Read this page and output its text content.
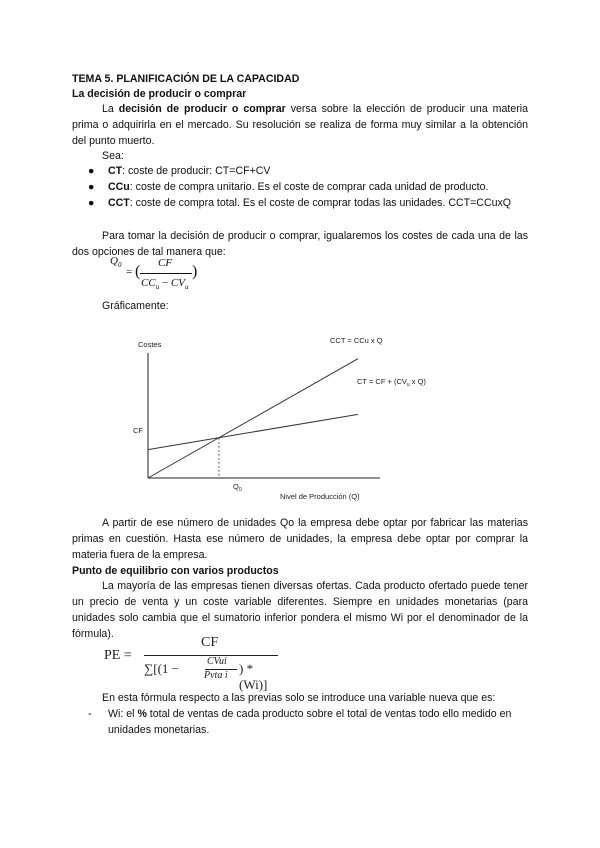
TEMA 5. PLANIFICACIÓN DE LA CAPACIDAD
La decisión de producir o comprar
La decisión de producir o comprar versa sobre la elección de producir una materia prima o adquirirla en el mercado. Su resolución se realiza de forma muy similar a la obtención del punto muerto.
Sea:
● CT: coste de producir: CT=CF+CV
● CCu: coste de compra unitario. Es el coste de comprar cada unidad de producto.
● CCT: coste de compra total. Es el coste de comprar todas las unidades. CCT=CCuxQ
Para tomar la decisión de producir o comprar, igualaremos los costes de cada una de las dos opciones de tal manera que:
$Q_0$
= ( CF
$CC_u - CV_u$
)
Gráficamente:
Costes
CF
$Q_0$
Nivel de Producción (Q)
CCT = CCu x Q
CT = CF + ($CV_u$ x Q)
A partir de ese número de unidades Qo la empresa debe optar por fabricar las materias primas en cuestión. Hasta ese número de unidades, la empresa debe optar por comprar la materia fuera de la empresa.
Punto de equilibrio con varios productos
La mayoría de las empresas tienen diversas ofertas. Cada producto ofertado puede tener un precio de venta y un coste variable diferentes. Siempre en unidades monetarias (para unidades solo cambia que el sumatorio inferior pondera el mismo Wi por el denominador de la fórmula).
PE =
CF
∑[(1 −	CVui
Pvta i ) * (Wi)]
En esta fórmula respecto a las previas solo se introduce una variable nueva que es:
- Wi: el % total de ventas de cada producto sobre el total de ventas todo ello medido en unidades monetarias.
